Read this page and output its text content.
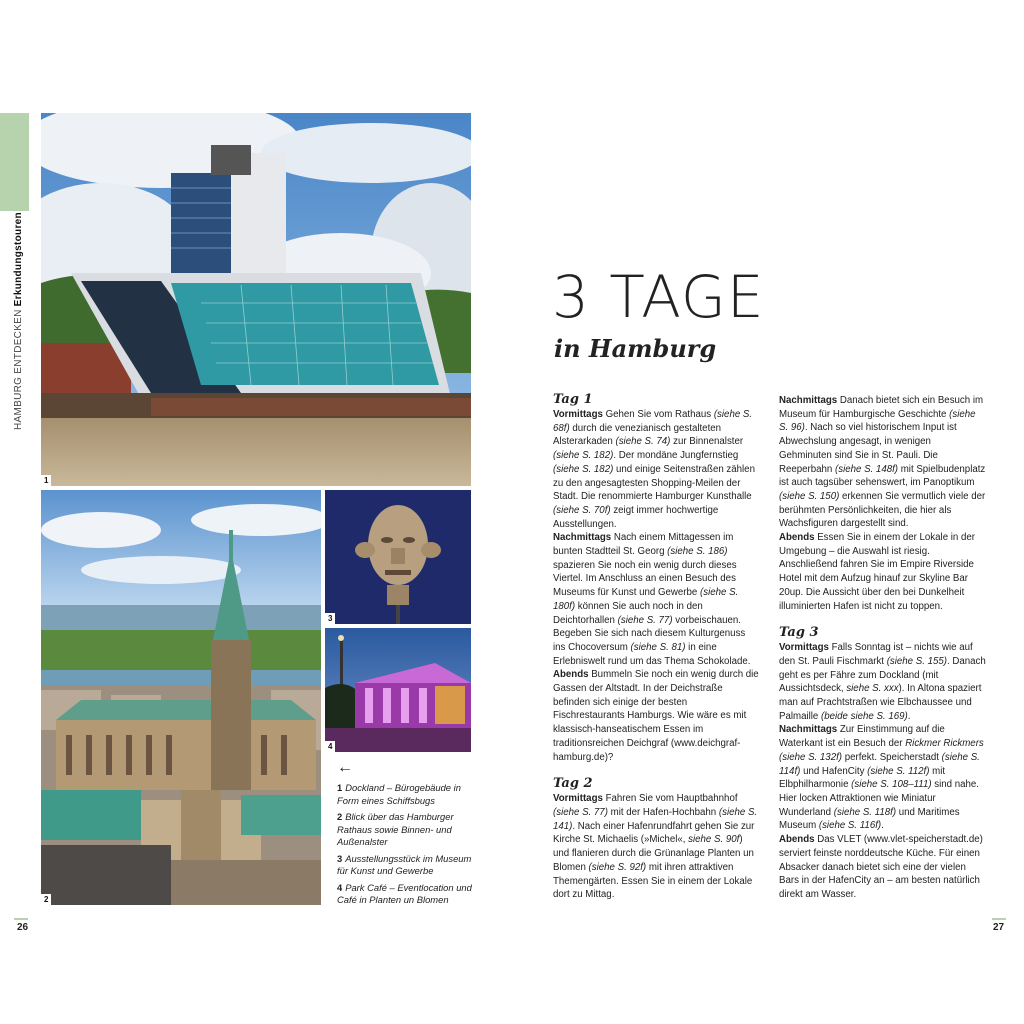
HAMBURG ENTDECKENErkundungstouren
1
2
3
4
←
1 Dockland – Bürogebäude in Form eines Schiffsbugs
2 Blick über das Hamburger Rathaus sowie Binnen- und Außenalster
3 Ausstellungsstück im Museum für Kunst und Gewerbe
4 Park Café – Eventlocation und Café in Planten un Blomen
3 TAGE
in Hamburg
Tag 1

Vormittags Gehen Sie vom Rathaus (siehe S. 68f) durch die venezianisch gestalteten Alsterarkaden (siehe S. 74) zur Binnenalster (siehe S. 182). Der mondäne Jungfernstieg (siehe S. 182) und einige Seitenstraßen zählen zu den angesagtesten Shopping-Meilen der Stadt. Die renommierte Hamburger Kunsthalle (siehe S. 70f) zeigt immer hochwertige Ausstellungen.

Nachmittags Nach einem Mittagessen im bunten Stadtteil St. Georg (siehe S. 186) spazieren Sie noch ein wenig durch dieses Viertel. Im Anschluss an einen Besuch des Museums für Kunst und Gewerbe (siehe S. 180f) können Sie auch noch in den Deichtorhallen (siehe S. 77) vorbeischauen. Begeben Sie sich nach diesem Kulturgenuss ins Chocoversum (siehe S. 81) in eine Erlebniswelt rund um das Thema Schokolade.

Abends Bummeln Sie noch ein wenig durch die Gassen der Altstadt. In der Deichstraße befinden sich einige der besten Fischrestaurants Hamburgs. Wie wäre es mit klassisch-hanseatischem Essen im traditionsreichen Deichgraf (www.deichgraf-hamburg.de)?

Tag 2

Vormittags Fahren Sie vom Hauptbahnhof (siehe S. 77) mit der Hafen-Hochbahn (siehe S. 141). Nach einer Hafenrundfahrt gehen Sie zur Kirche St. Michaelis (»Michel«, siehe S. 90f) und flanieren durch die Grünanlage Planten un Blomen (siehe S. 92f) mit ihren attraktiven Themengärten. Essen Sie in einem der Lokale dort zu Mittag.

Nachmittags Danach bietet sich ein Besuch im Museum für Hamburgische Geschichte (siehe S. 96). Nach so viel historischem Input ist Abwechslung angesagt, in wenigen Gehminuten sind Sie in St. Pauli. Die Reeperbahn (siehe S. 148f) mit Spielbudenplatz ist auch tagsüber sehenswert, im Panoptikum (siehe S. 150) erkennen Sie vermutlich viele der berühmten Persönlichkeiten, die hier als Wachsfiguren dargestellt sind.

Abends Essen Sie in einem der Lokale in der Umgebung – die Auswahl ist riesig. Anschließend fahren Sie im Empire Riverside Hotel mit dem Aufzug hinauf zur Skyline Bar 20up. Die Aussicht über den bei Dunkelheit illuminierten Hafen ist nicht zu toppen.

Tag 3

Vormittags Falls Sonntag ist – nichts wie auf den St. Pauli Fischmarkt (siehe S. 155). Danach geht es per Fähre zum Dockland (mit Aussichtsdeck, siehe S. xxx). In Altona spaziert man auf Prachtstraßen wie Elbchaussee und Palmaille (beide siehe S. 169).

Nachmittags Zur Einstimmung auf die Waterkant ist ein Besuch der Rickmer Rickmers (siehe S. 132f) perfekt. Speicherstadt (siehe S. 114f) und HafenCity (siehe S. 112f) mit Elbphilharmonie (siehe S. 108–111) sind nahe. Hier locken Attraktionen wie Miniatur Wunderland (siehe S. 118f) und Maritimes Museum (siehe S. 116f).

Abends Das VLET (www.vlet-speicherstadt.de) serviert feinste norddeutsche Küche. Für einen Absacker danach bietet sich eine der vielen Bars in der HafenCity an – am besten natürlich direkt am Wasser.

26	27
